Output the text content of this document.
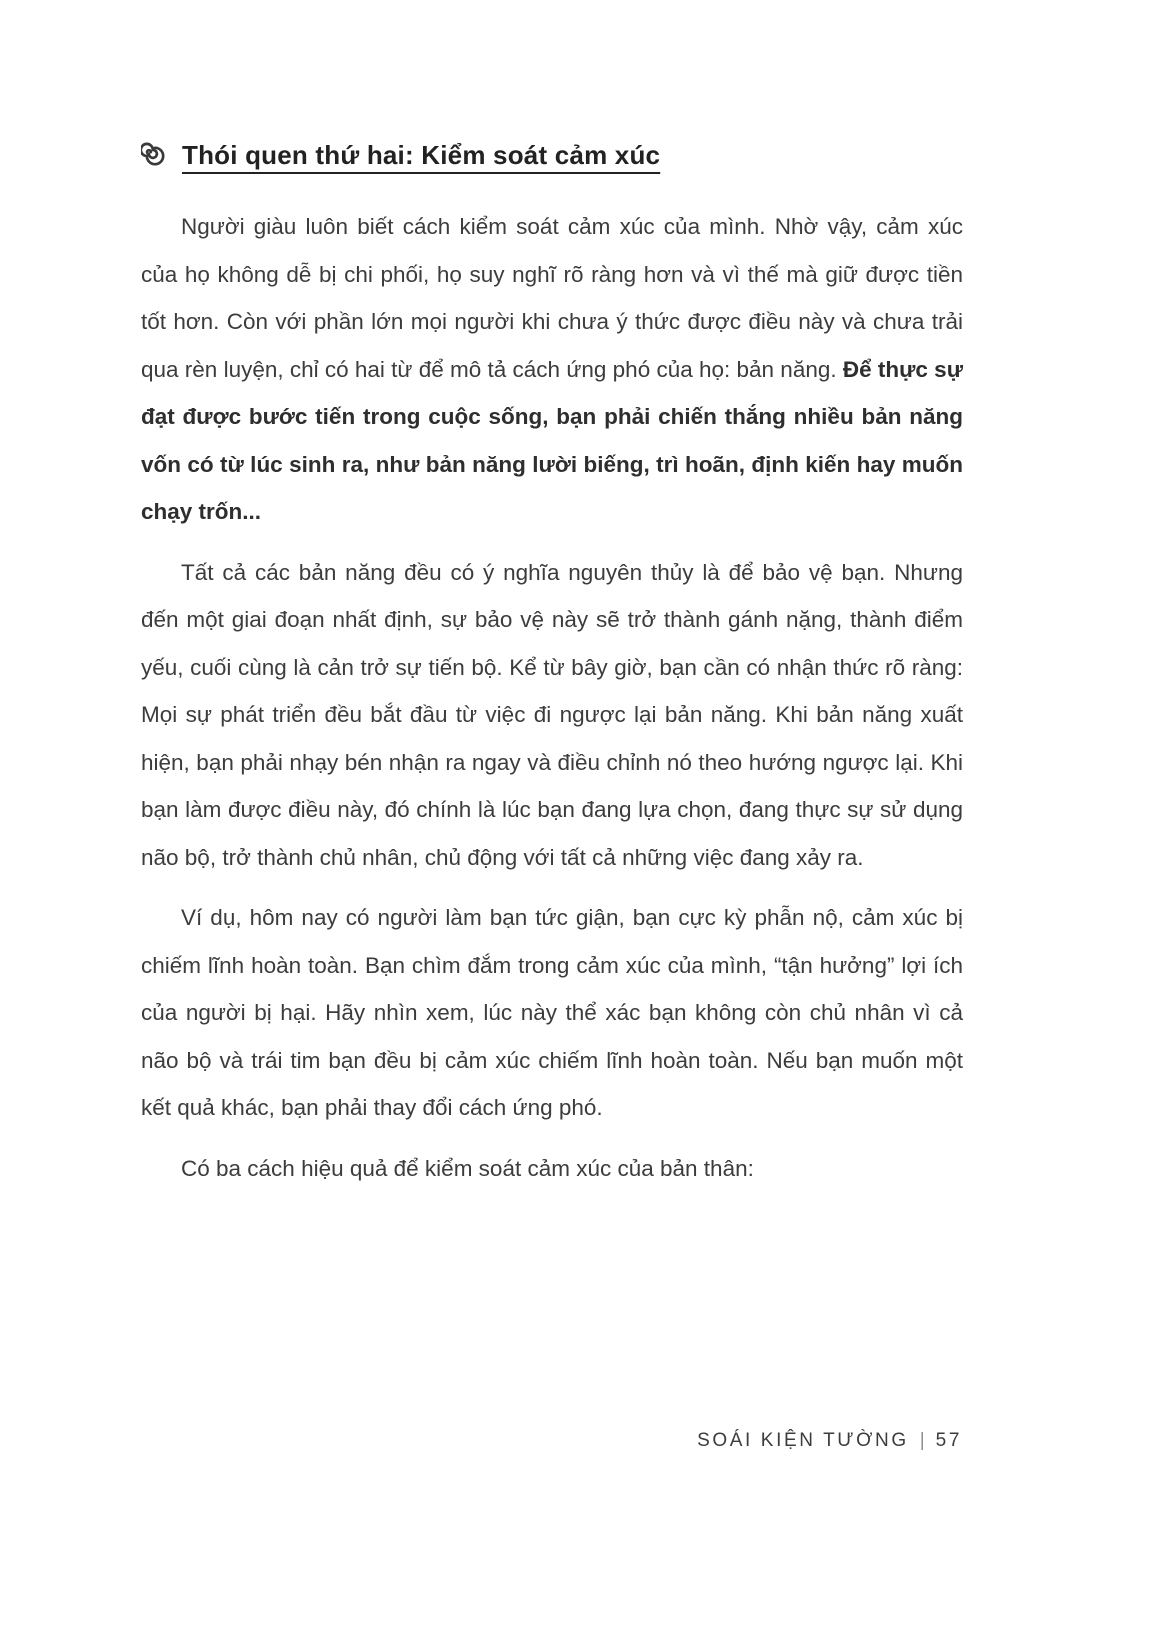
Thói quen thứ hai: Kiểm soát cảm xúc

Người giàu luôn biết cách kiểm soát cảm xúc của mình. Nhờ vậy, cảm xúc của họ không dễ bị chi phối, họ suy nghĩ rõ ràng hơn và vì thế mà giữ được tiền tốt hơn. Còn với phần lớn mọi người khi chưa ý thức được điều này và chưa trải qua rèn luyện, chỉ có hai từ để mô tả cách ứng phó của họ: bản năng. Để thực sự đạt được bước tiến trong cuộc sống, bạn phải chiến thắng nhiều bản năng vốn có từ lúc sinh ra, như bản năng lười biếng, trì hoãn, định kiến hay muốn chạy trốn...

Tất cả các bản năng đều có ý nghĩa nguyên thủy là để bảo vệ bạn. Nhưng đến một giai đoạn nhất định, sự bảo vệ này sẽ trở thành gánh nặng, thành điểm yếu, cuối cùng là cản trở sự tiến bộ. Kể từ bây giờ, bạn cần có nhận thức rõ ràng: Mọi sự phát triển đều bắt đầu từ việc đi ngược lại bản năng. Khi bản năng xuất hiện, bạn phải nhạy bén nhận ra ngay và điều chỉnh nó theo hướng ngược lại. Khi bạn làm được điều này, đó chính là lúc bạn đang lựa chọn, đang thực sự sử dụng não bộ, trở thành chủ nhân, chủ động với tất cả những việc đang xảy ra.

Ví dụ, hôm nay có người làm bạn tức giận, bạn cực kỳ phẫn nộ, cảm xúc bị chiếm lĩnh hoàn toàn. Bạn chìm đắm trong cảm xúc của mình, “tận hưởng” lợi ích của người bị hại. Hãy nhìn xem, lúc này thể xác bạn không còn chủ nhân vì cả não bộ và trái tim bạn đều bị cảm xúc chiếm lĩnh hoàn toàn. Nếu bạn muốn một kết quả khác, bạn phải thay đổi cách ứng phó.

Có ba cách hiệu quả để kiểm soát cảm xúc của bản thân:

SOÁI KIỆN TƯỜNG | 57
